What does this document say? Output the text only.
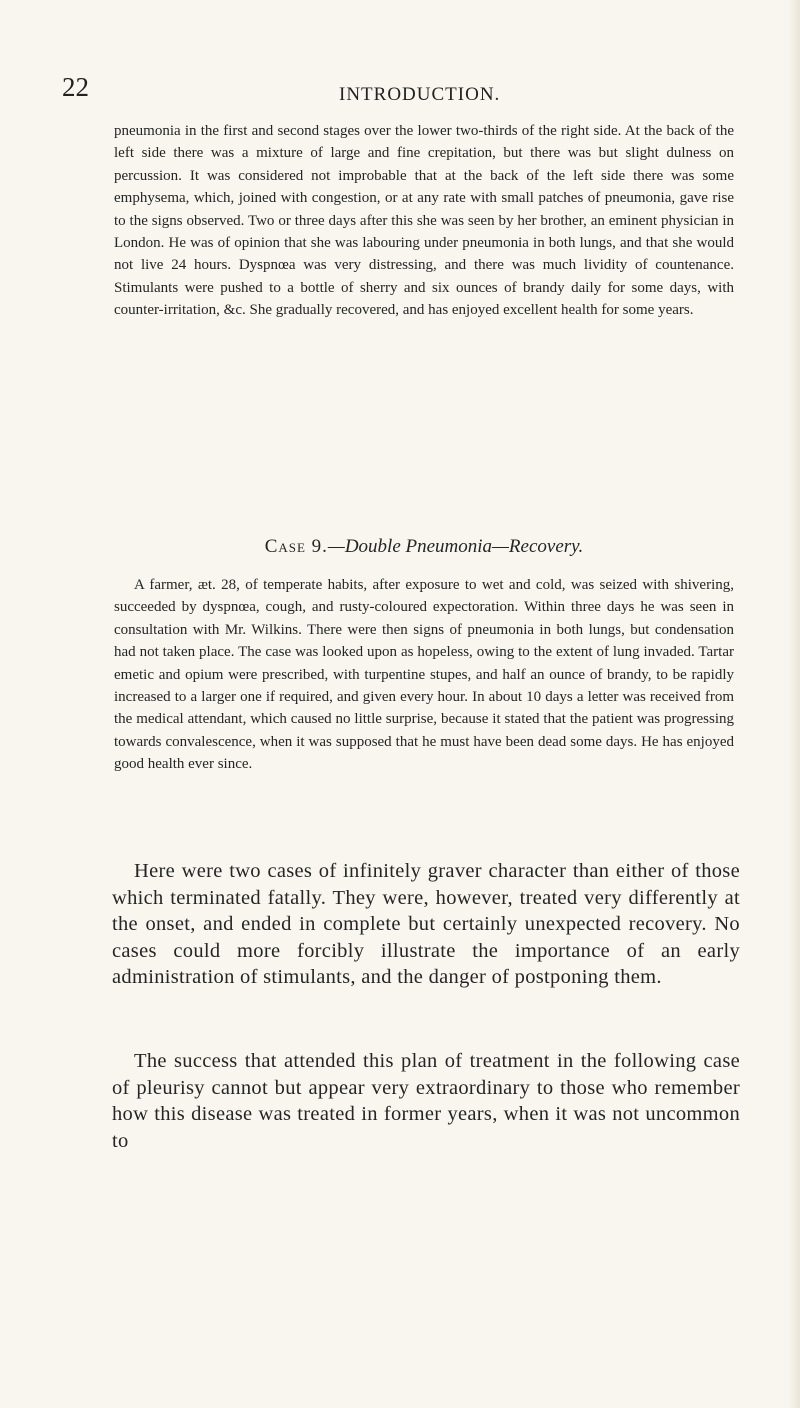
22	INTRODUCTION.

pneumonia in the first and second stages over the lower two-thirds of the right side. At the back of the left side there was a mixture of large and fine crepitation, but there was but slight dulness on percussion. It was considered not improbable that at the back of the left side there was some emphysema, which, joined with congestion, or at any rate with small patches of pneumonia, gave rise to the signs observed. Two or three days after this she was seen by her brother, an eminent physician in London. He was of opinion that she was labouring under pneumonia in both lungs, and that she would not live 24 hours. Dyspnœa was very distressing, and there was much lividity of countenance. Stimulants were pushed to a bottle of sherry and six ounces of brandy daily for some days, with counter-irritation, &c. She gradually recovered, and has enjoyed excellent health for some years.

Case 9.—Double Pneumonia—Recovery.

A farmer, æt. 28, of temperate habits, after exposure to wet and cold, was seized with shivering, succeeded by dyspnœa, cough, and rusty-coloured expectoration. Within three days he was seen in consultation with Mr. Wilkins. There were then signs of pneumonia in both lungs, but condensation had not taken place. The case was looked upon as hopeless, owing to the extent of lung invaded. Tartar emetic and opium were prescribed, with turpentine stupes, and half an ounce of brandy, to be rapidly increased to a larger one if required, and given every hour. In about 10 days a letter was received from the medical attendant, which caused no little surprise, because it stated that the patient was progressing towards convalescence, when it was supposed that he must have been dead some days. He has enjoyed good health ever since.

Here were two cases of infinitely graver character than either of those which terminated fatally. They were, however, treated very differently at the onset, and ended in complete but certainly unexpected recovery. No cases could more forcibly illustrate the importance of an early administration of stimulants, and the danger of postponing them.

The success that attended this plan of treatment in the following case of pleurisy cannot but appear very extraordinary to those who remember how this disease was treated in former years, when it was not uncommon to
